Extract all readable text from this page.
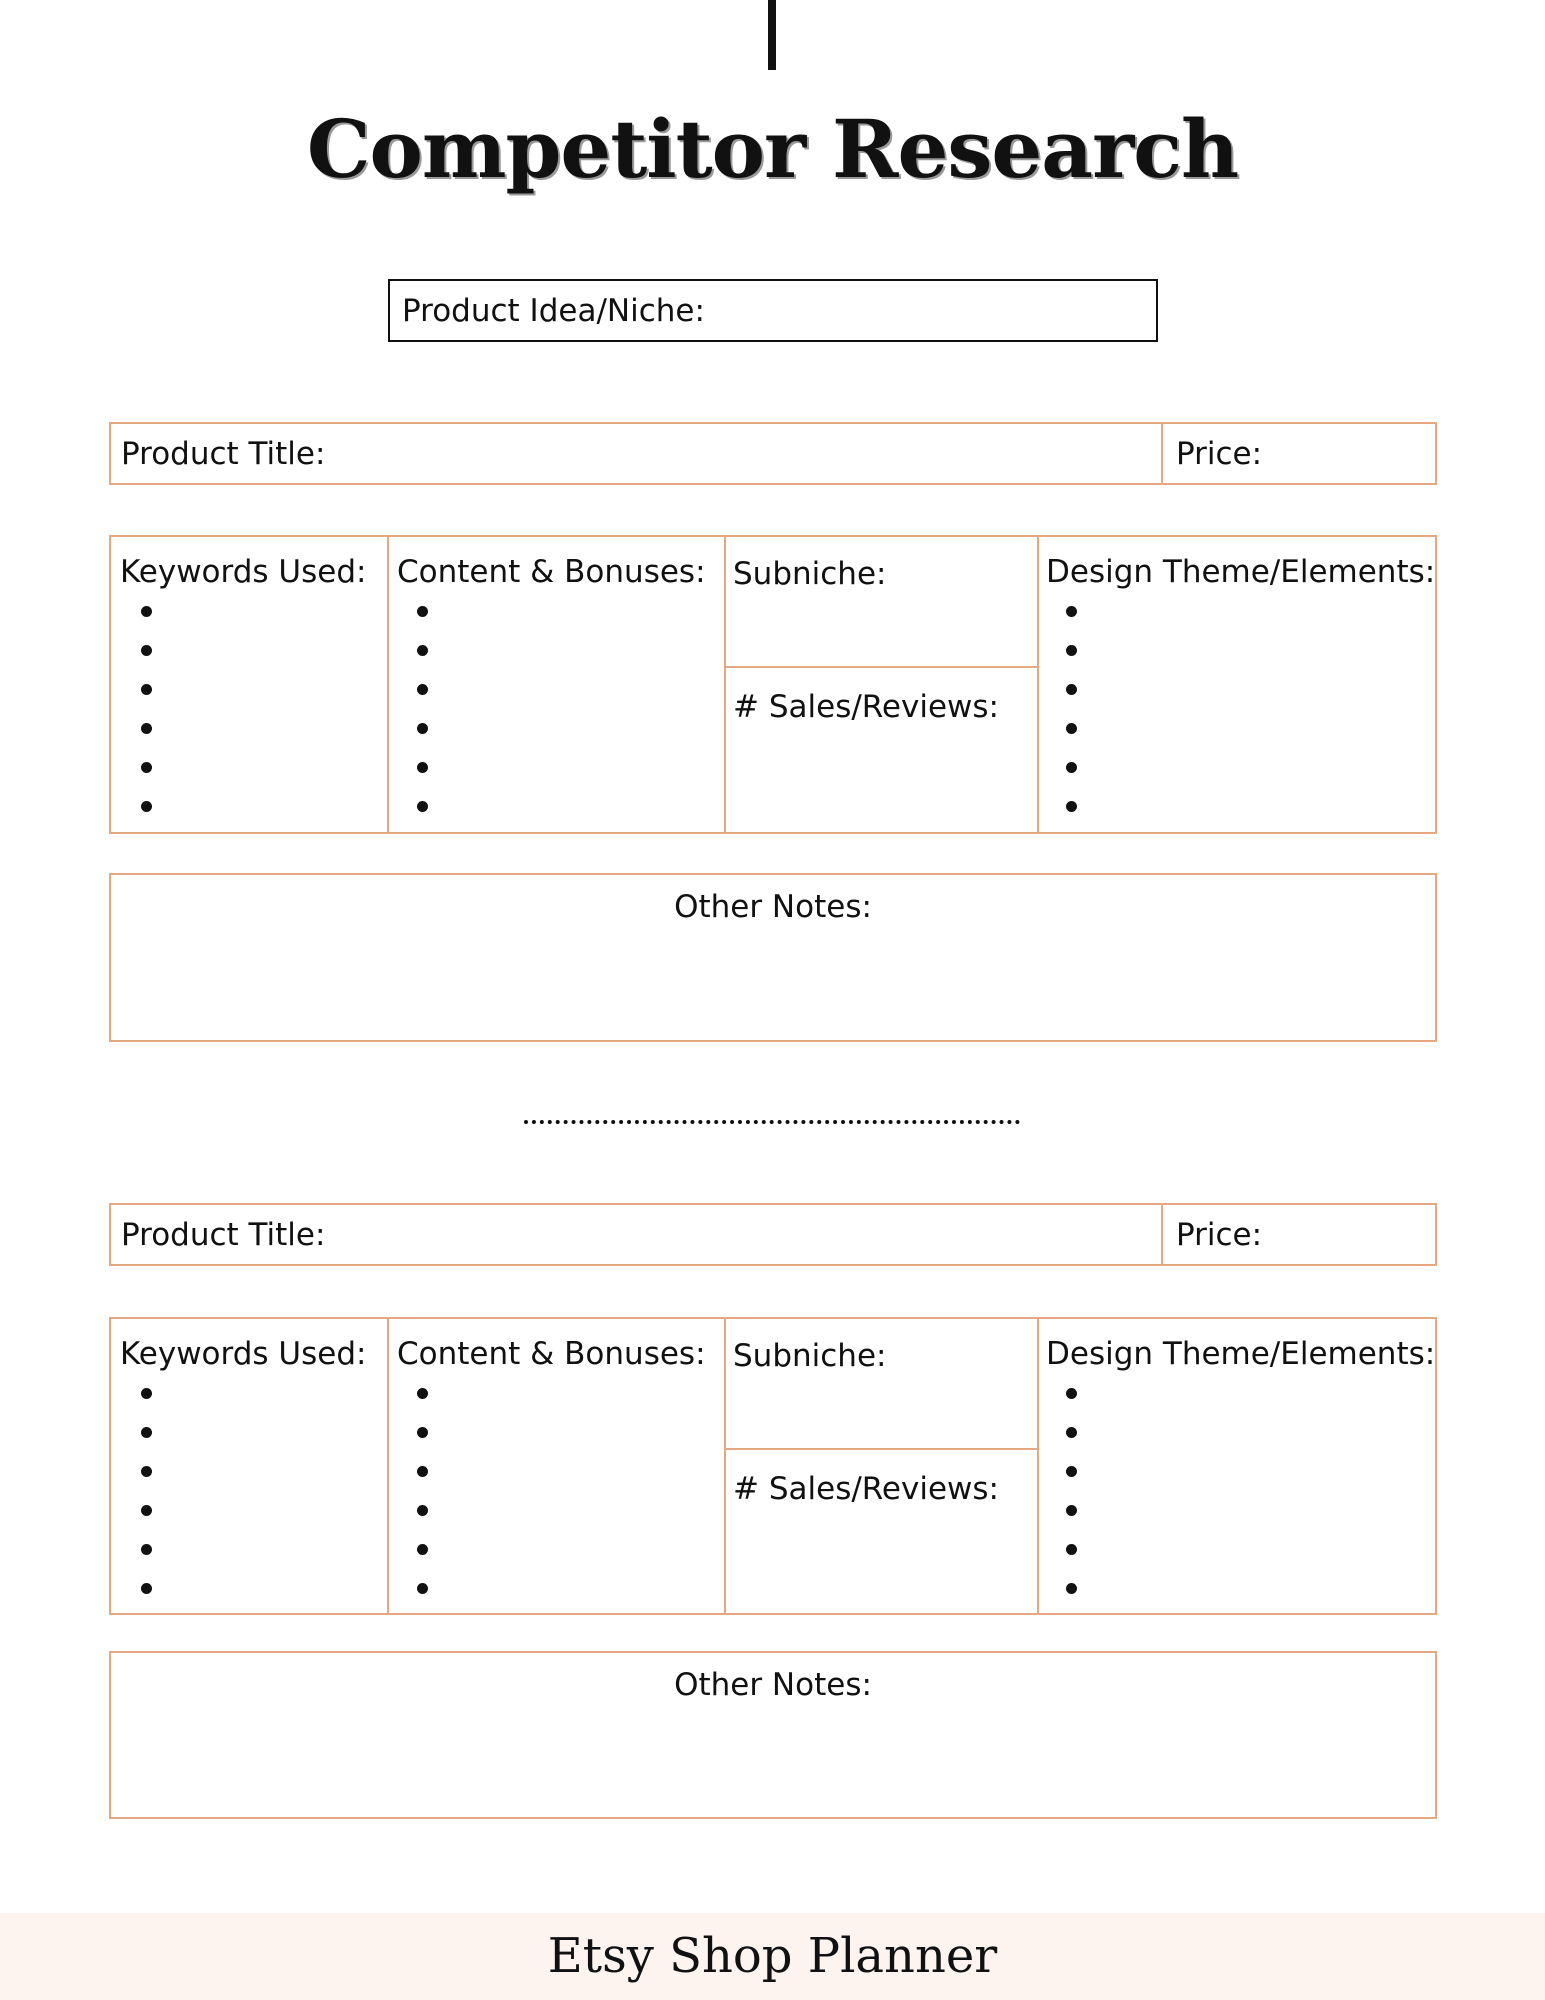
Competitor Research
Product Idea/Niche:
Product Title:	Price:
Keywords Used: Content & Bonuses: Subniche:
# Sales/Reviews:
Design Theme/Elements:
Other Notes:
Product Title:	Price:
Keywords Used: Content & Bonuses: Subniche:
# Sales/Reviews:
Design Theme/Elements:
Other Notes:
Etsy Shop Planner
